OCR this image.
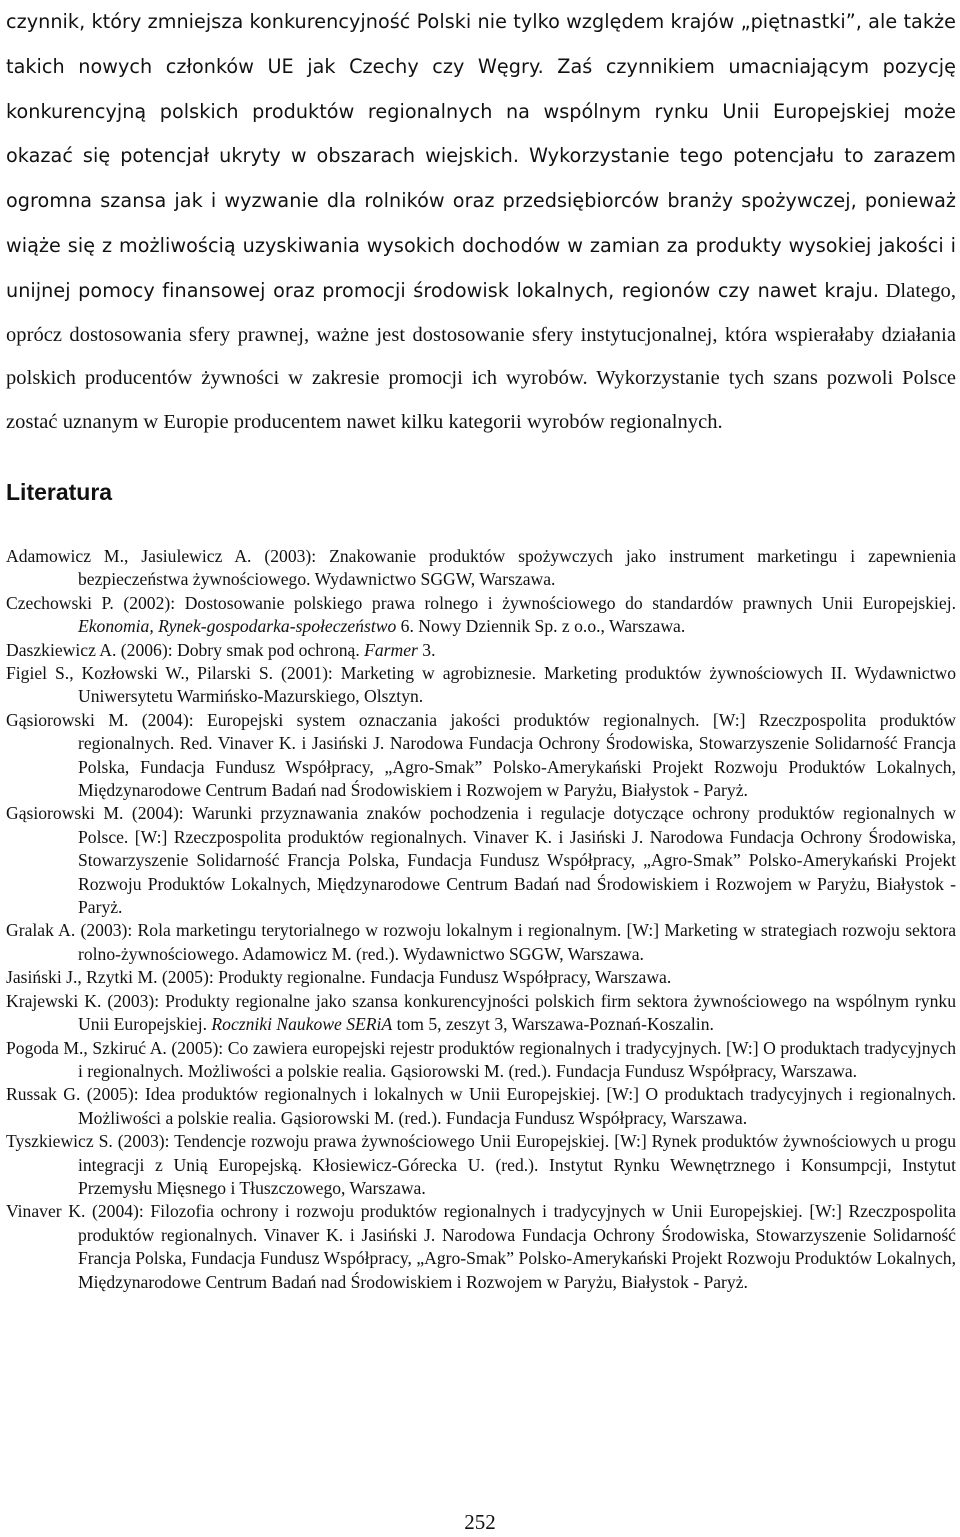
czynnik, który zmniejsza konkurencyjność Polski nie tylko względem krajów „piętnastki”, ale także takich nowych członków UE jak Czechy czy Węgry. Zaś czynnikiem umacniającym pozycję konkurencyjną polskich produktów regionalnych na wspólnym rynku Unii Europejskiej może okazać się potencjał ukryty w obszarach wiejskich. Wykorzystanie tego potencjału to zarazem ogromna szansa jak i wyzwanie dla rolników oraz przedsiębiorców branży spożywczej, ponieważ wiąże się z możliwością uzyskiwania wysokich dochodów w zamian za produkty wysokiej jakości i unijnej pomocy finansowej oraz promocji środowisk lokalnych, regionów czy nawet kraju. Dlatego, oprócz dostosowania sfery prawnej, ważne jest dostosowanie sfery instytucjonalnej, która wspierałaby działania polskich producentów żywności w zakresie promocji ich wyrobów. Wykorzystanie tych szans pozwoli Polsce zostać uznanym w Europie producentem nawet kilku kategorii wyrobów regionalnych.

Literatura
Adamowicz M., Jasiulewicz A. (2003): Znakowanie produktów spożywczych jako instrument marketingu i zapewnienia bezpieczeństwa żywnościowego. Wydawnictwo SGGW, Warszawa.
Czechowski P. (2002): Dostosowanie polskiego prawa rolnego i żywnościowego do standardów prawnych Unii Europejskiej. Ekonomia, Rynek-gospodarka-społeczeństwo 6. Nowy Dziennik Sp. z o.o., Warszawa.
Daszkiewicz A. (2006): Dobry smak pod ochroną. Farmer 3.
Figiel S., Kozłowski W., Pilarski S. (2001): Marketing w agrobiznesie. Marketing produktów żywnościowych II. Wydawnictwo Uniwersytetu Warmińsko-Mazurskiego, Olsztyn.
Gąsiorowski M. (2004): Europejski system oznaczania jakości produktów regionalnych. [W:] Rzeczpospolita produktów regionalnych. Red. Vinaver K. i Jasiński J. Narodowa Fundacja Ochrony Środowiska, Stowarzyszenie Solidarność Francja Polska, Fundacja Fundusz Współpracy, „Agro-Smak” Polsko-Amerykański Projekt Rozwoju Produktów Lokalnych, Międzynarodowe Centrum Badań nad Środowiskiem i Rozwojem w Paryżu, Białystok - Paryż.
Gąsiorowski M. (2004): Warunki przyznawania znaków pochodzenia i regulacje dotyczące ochrony produktów regionalnych w Polsce. [W:] Rzeczpospolita produktów regionalnych. Vinaver K. i Jasiński J. Narodowa Fundacja Ochrony Środowiska, Stowarzyszenie Solidarność Francja Polska, Fundacja Fundusz Współpracy, „Agro-Smak” Polsko-Amerykański Projekt Rozwoju Produktów Lokalnych, Międzynarodowe Centrum Badań nad Środowiskiem i Rozwojem w Paryżu, Białystok - Paryż.
Gralak A. (2003): Rola marketingu terytorialnego w rozwoju lokalnym i regionalnym. [W:] Marketing w strategiach rozwoju sektora rolno-żywnościowego. Adamowicz M. (red.). Wydawnictwo SGGW, Warszawa.
Jasiński J., Rzytki M. (2005): Produkty regionalne. Fundacja Fundusz Współpracy, Warszawa.
Krajewski K. (2003): Produkty regionalne jako szansa konkurencyjności polskich firm sektora żywnościowego na wspólnym rynku Unii Europejskiej. Roczniki Naukowe SERiA tom 5, zeszyt 3, Warszawa-Poznań-Koszalin.
Pogoda M., Szkiruć A. (2005): Co zawiera europejski rejestr produktów regionalnych i tradycyjnych. [W:] O produktach tradycyjnych i regionalnych. Możliwości a polskie realia. Gąsiorowski M. (red.). Fundacja Fundusz Współpracy, Warszawa.
Russak G. (2005): Idea produktów regionalnych i lokalnych w Unii Europejskiej. [W:] O produktach tradycyjnych i regionalnych. Możliwości a polskie realia. Gąsiorowski M. (red.). Fundacja Fundusz Współpracy, Warszawa.
Tyszkiewicz S. (2003): Tendencje rozwoju prawa żywnościowego Unii Europejskiej. [W:] Rynek produktów żywnościowych u progu integracji z Unią Europejską. Kłosiewicz-Górecka U. (red.). Instytut Rynku Wewnętrznego i Konsumpcji, Instytut Przemysłu Mięsnego i Tłuszczowego, Warszawa.
Vinaver K. (2004): Filozofia ochrony i rozwoju produktów regionalnych i tradycyjnych w Unii Europejskiej. [W:] Rzeczpospolita produktów regionalnych. Vinaver K. i Jasiński J. Narodowa Fundacja Ochrony Środowiska, Stowarzyszenie Solidarność Francja Polska, Fundacja Fundusz Współpracy, „Agro-Smak” Polsko-Amerykański Projekt Rozwoju Produktów Lokalnych, Międzynarodowe Centrum Badań nad Środowiskiem i Rozwojem w Paryżu, Białystok - Paryż.
252
